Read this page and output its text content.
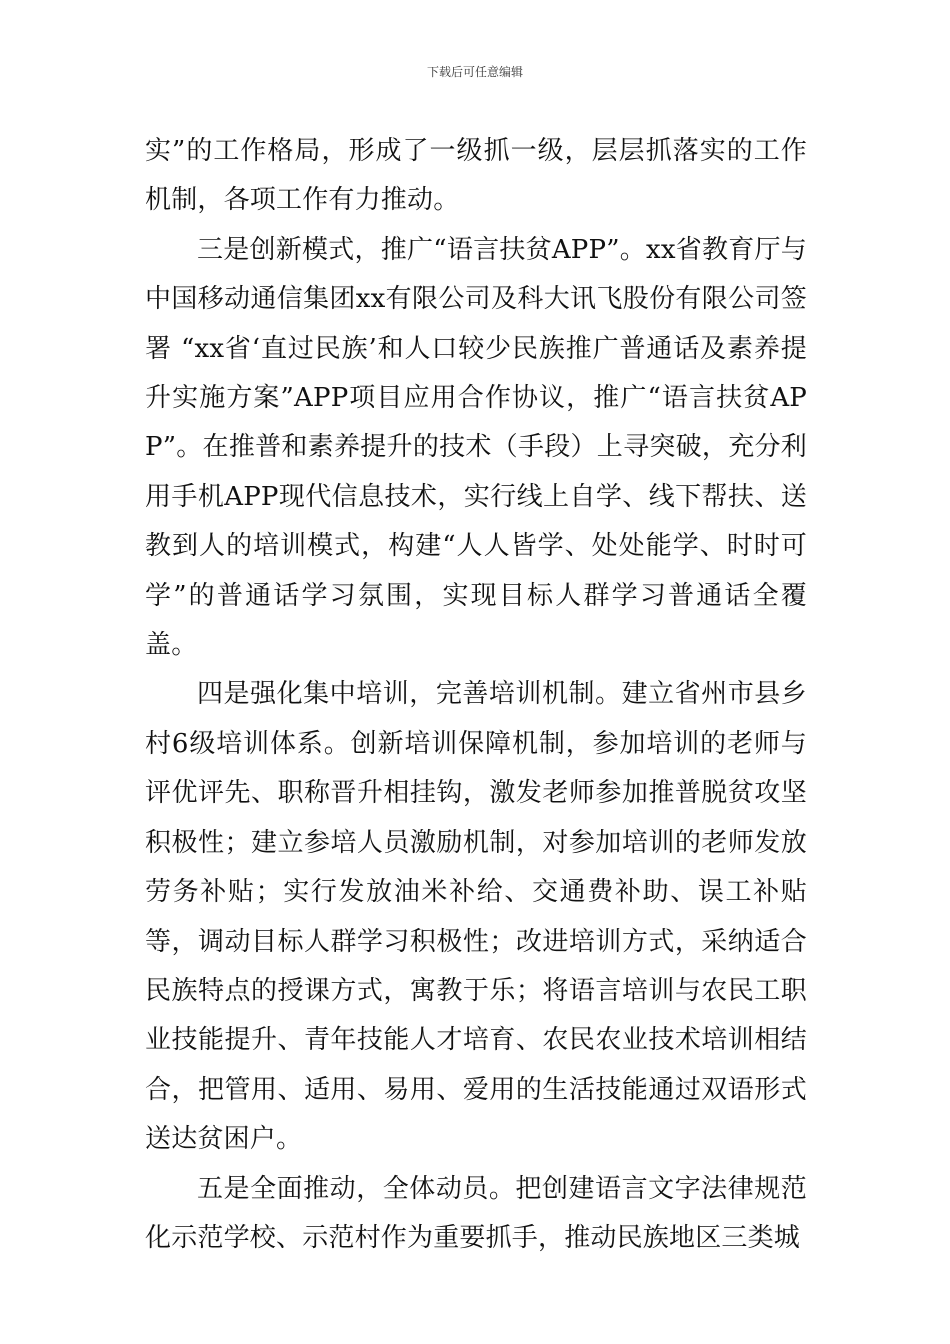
下载后可任意编辑

实”的工作格局，形成了一级抓一级，层层抓落实的工作机制，各项工作有力推动。

三是创新模式，推广“语言扶贫APP”。xx省教育厅与中国移动通信集团xx有限公司及科大讯飞股份有限公司签署 “xx省‘直过民族’和人口较少民族推广普通话及素养提升实施方案”APP项目应用合作协议，推广“语言扶贫APP”。在推普和素养提升的技术（手段）上寻突破，充分利用手机APP现代信息技术，实行线上自学、线下帮扶、送教到人的培训模式，构建“人人皆学、处处能学、时时可学”的普通话学习氛围，实现目标人群学习普通话全覆盖。

四是强化集中培训，完善培训机制。建立省州市县乡村6级培训体系。创新培训保障机制，参加培训的老师与评优评先、职称晋升相挂钩，激发老师参加推普脱贫攻坚积极性；建立参培人员激励机制，对参加培训的老师发放劳务补贴；实行发放油米补给、交通费补助、误工补贴等，调动目标人群学习积极性；改进培训方式，采纳适合民族特点的授课方式，寓教于乐；将语言培训与农民工职业技能提升、青年技能人才培育、农民农业技术培训相结合，把管用、适用、易用、爱用的生活技能通过双语形式送达贫困户。

五是全面推动，全体动员。把创建语言文字法律规范化示范学校、示范村作为重要抓手，推动民族地区三类城
